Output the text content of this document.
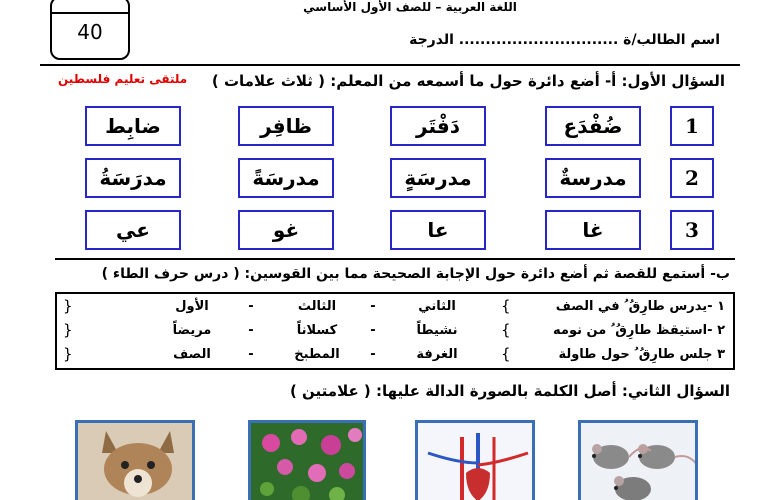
40
اللغة العربية – للصف الأول الأساسي
اسم الطالب/ة .............................. الدرجة
السؤال الأول: أ- أضع دائرة حول ما أسمعه من المعلم: ( ثلاث علامات )
ملتقى تعليم فلسطين
1
ضُفْدَع
دَفْتَر
ظافِر
ضابِط
2
مدرسةٌ
مدرسَةٍ
مدرسَةً
مدرَسَةُ
3
غا
عا
غو
عي
ب- أستمع للقصة ثم أضع دائرة حول الإجابة الصحيحة مما بين القوسين: ( درس حرف الطاء )
١ -يدرس طارِقُ ُ في الصف
{
الثاني
-
الثالث
-
الأول
}
٢ -استيقظ طارِقُ ُ من نومه
{
نشيطاً
-
كسلاناً
-
مريضاً
}
٣ جلس طارِقُ ُ حول طاولة
{
الغرفة
-
المطبخ
-
الصف
}
السؤال الثاني: أصل الكلمة بالصورة الدالة عليها: ( علامتين )
